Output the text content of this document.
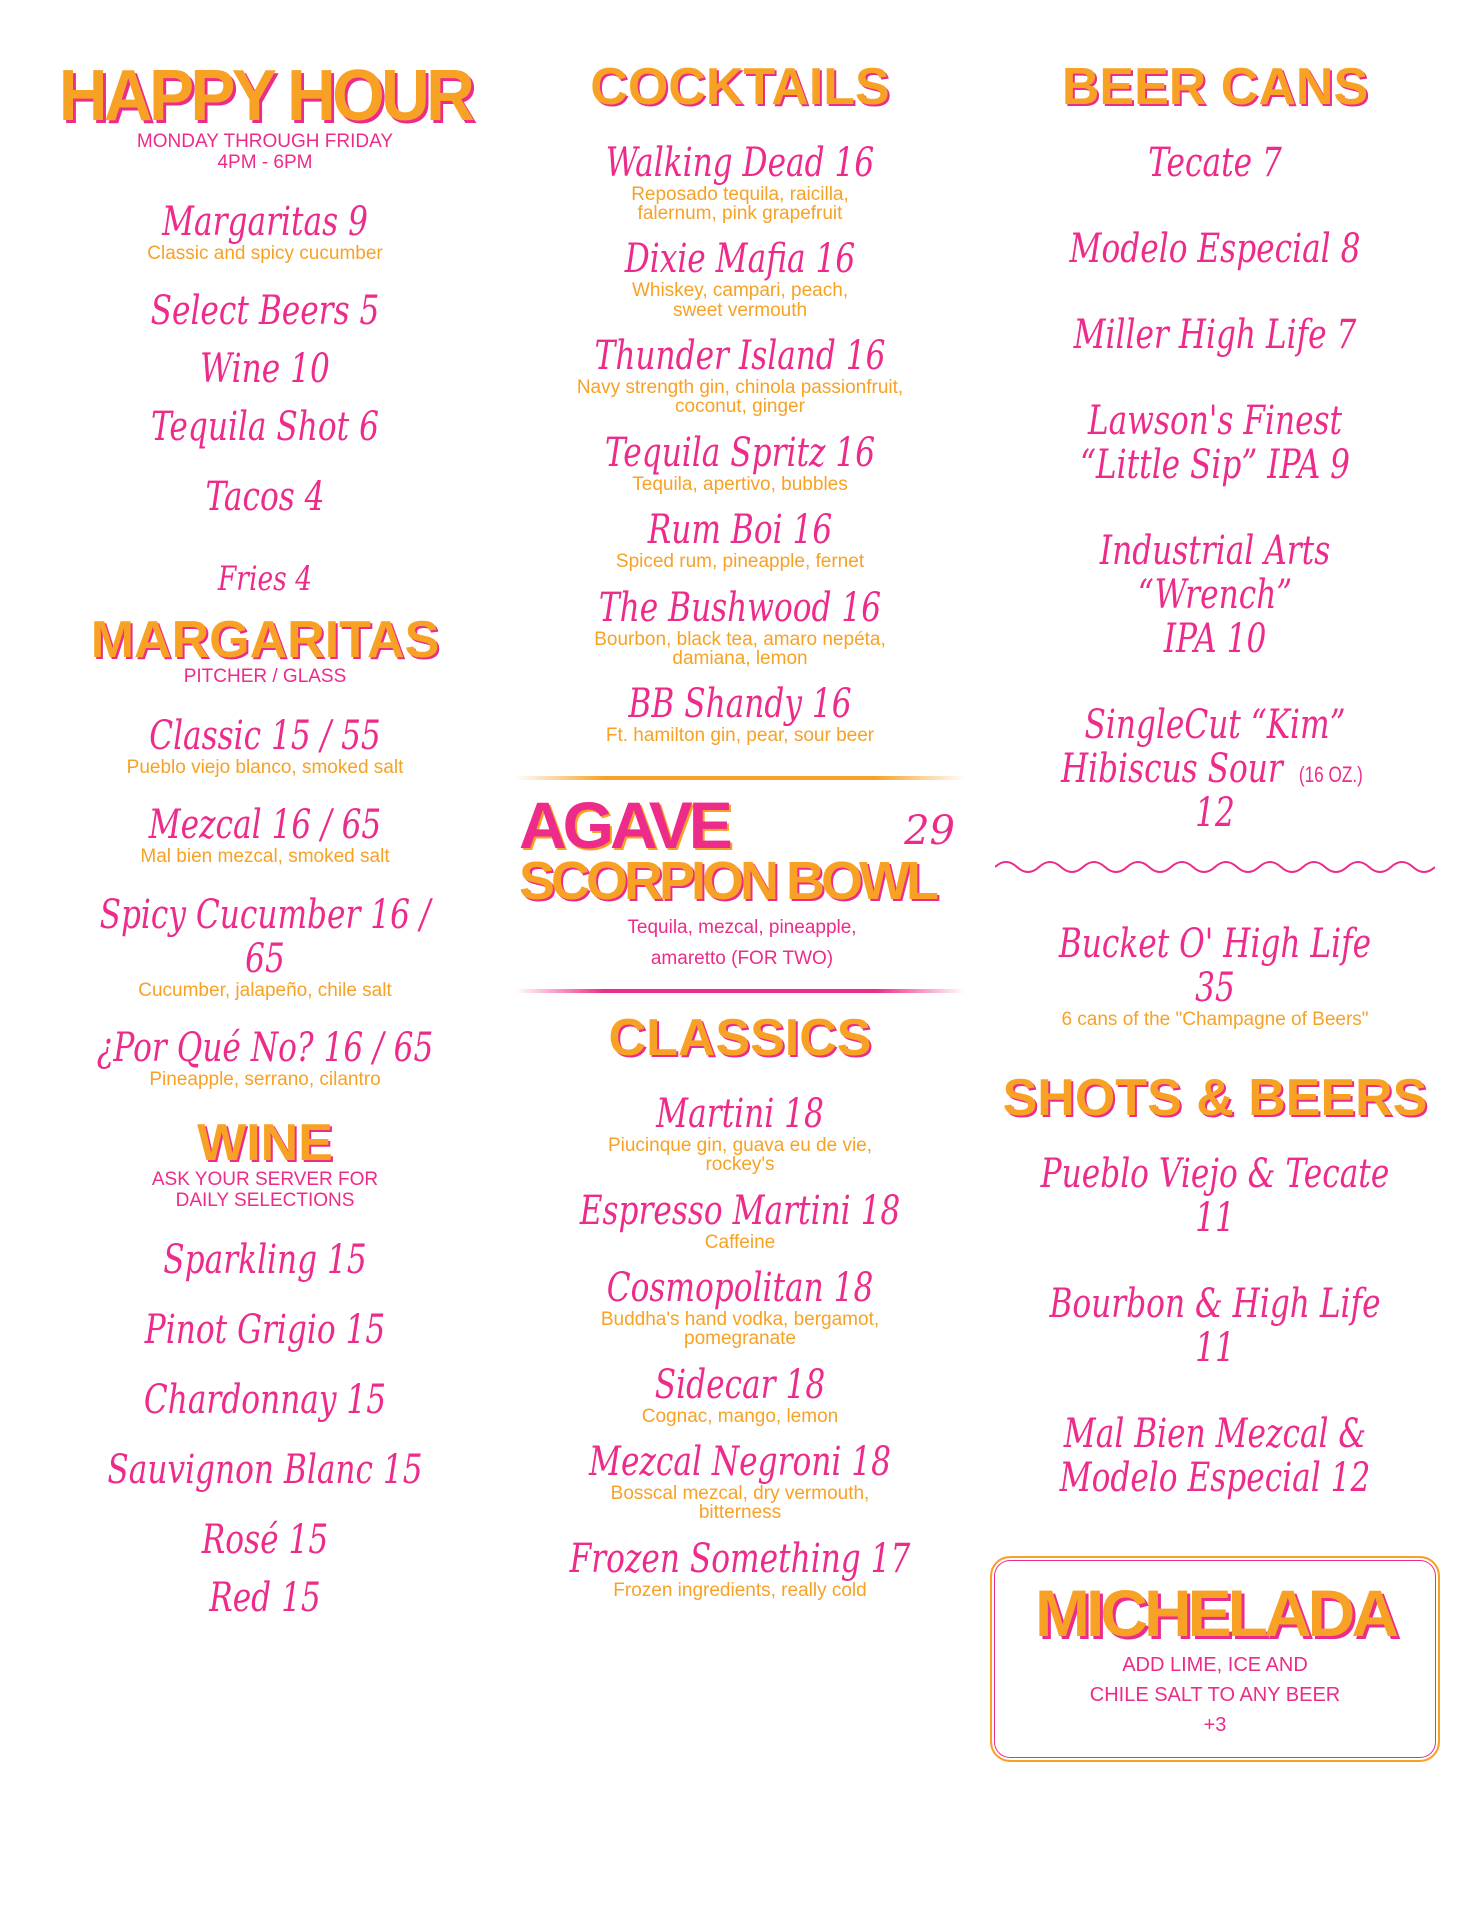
HAPPY HOUR
MONDAY THROUGH FRIDAY
4PM - 6PM
Margaritas 9
Classic and spicy cucumber
Select Beers 5
Wine 10
Tequila Shot 6
Tacos 4
Fries 4
MARGARITAS
PITCHER / GLASS
Classic 15 / 55
Pueblo viejo blanco, smoked salt
Mezcal 16 / 65
Mal bien mezcal, smoked salt
Spicy Cucumber 16 / 65
Cucumber, jalapeño, chile salt
¿Por Qué No? 16 / 65
Pineapple, serrano, cilantro
WINE
ASK YOUR SERVER FOR
DAILY SELECTIONS
Sparkling 15
Pinot Grigio 15
Chardonnay 15
Sauvignon Blanc 15
Rosé 15
Red 15
COCKTAILS
Walking Dead 16
Reposado tequila, raicilla,
falernum, pink grapefruit
Dixie Mafia 16
Whiskey, campari, peach,
sweet vermouth
Thunder Island 16
Navy strength gin, chinola passionfruit,
coconut, ginger
Tequila Spritz 16
Tequila, apertivo, bubbles
Rum Boi 16
Spiced rum, pineapple, fernet
The Bushwood 16
Bourbon, black tea, amaro nepéta,
damiana, lemon
BB Shandy 16
Ft. hamilton gin, pear, sour beer
AGAVE
SCORPION BOWL
29
Tequila, mezcal, pineapple,
amaretto (FOR TWO)
CLASSICS
Martini 18
Piucinque gin, guava eu de vie,
rockey's
Espresso Martini 18
Caffeine
Cosmopolitan 18
Buddha's hand vodka, bergamot,
pomegranate
Sidecar 18
Cognac, mango, lemon
Mezcal Negroni 18
Bosscal mezcal, dry vermouth,
bitterness
Frozen Something 17
Frozen ingredients, really cold
BEER CANS
Tecate 7
Modelo Especial 8
Miller High Life 7
Lawson's Finest
“Little Sip” IPA 9
Industrial Arts “Wrench”
IPA 10
SingleCut “Kim”
Hibiscus Sour (16 OZ.) 12
Bucket O' High Life 35
6 cans of the "Champagne of Beers"
SHOTS & BEERS
Pueblo Viejo & Tecate 11
Bourbon & High Life 11
Mal Bien Mezcal &
Modelo Especial 12
MICHELADA
ADD LIME, ICE AND
CHILE SALT TO ANY BEER
+3
